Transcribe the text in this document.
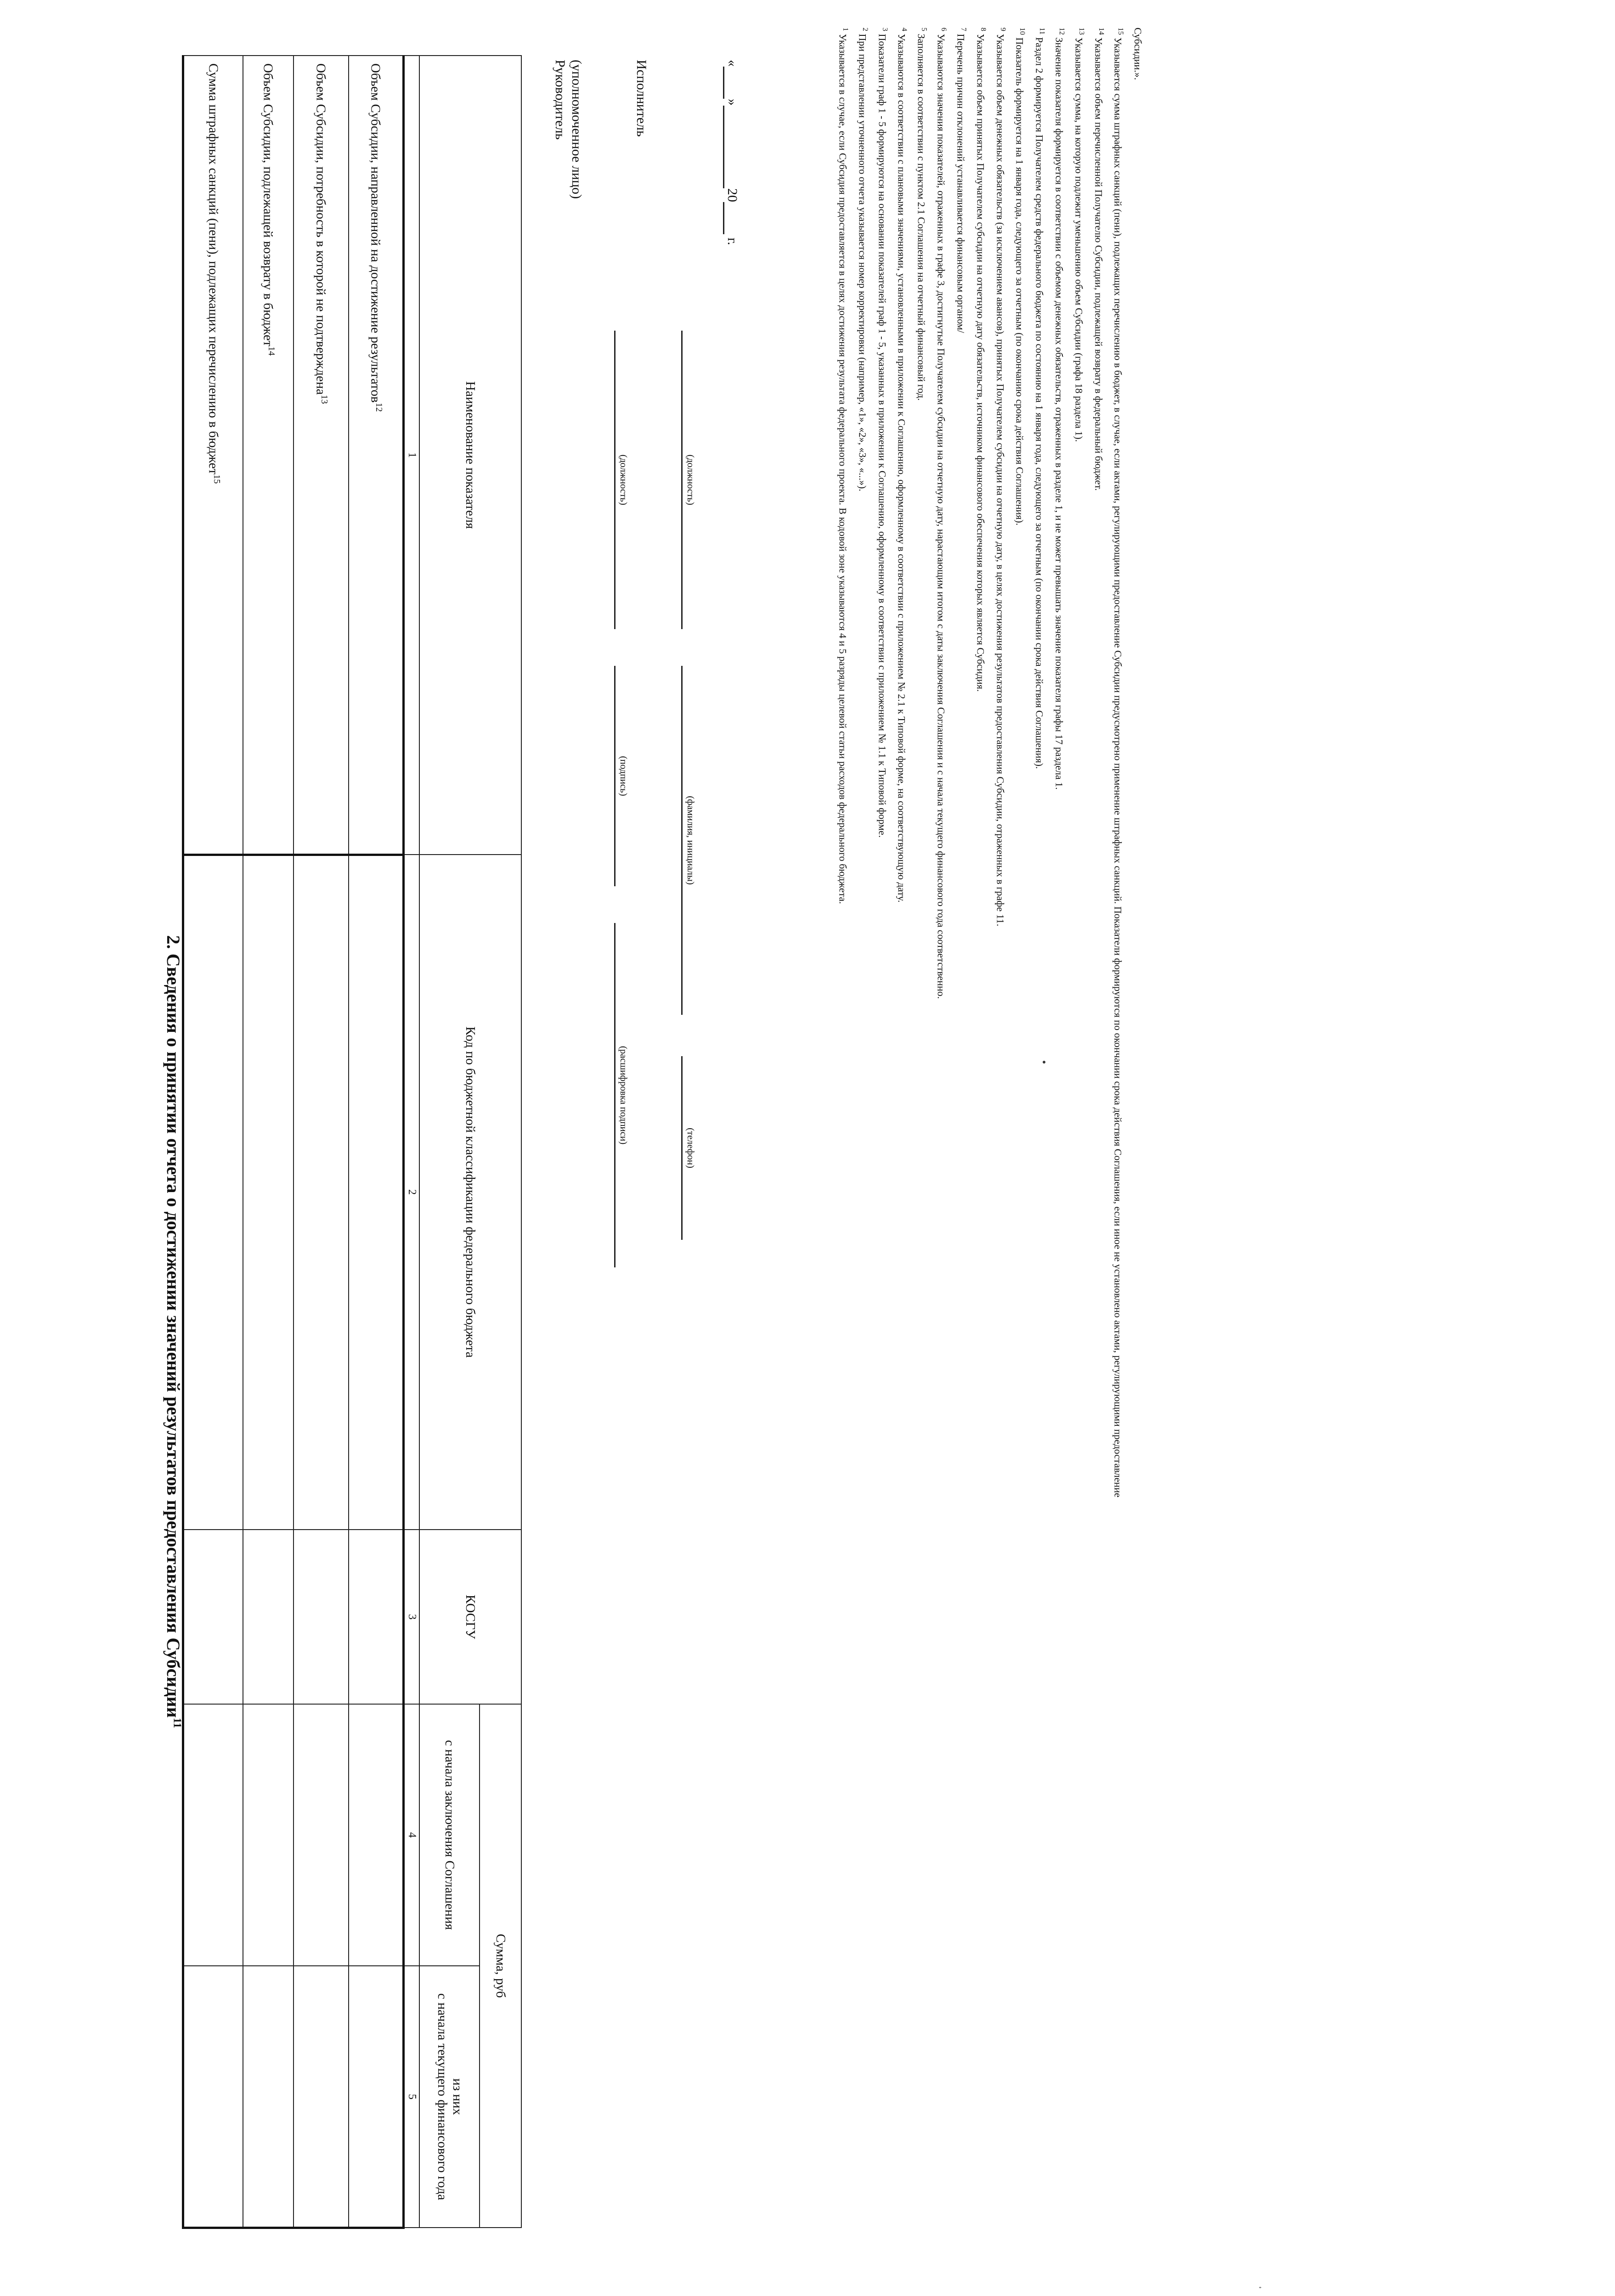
2. Сведения о принятии отчета о достижении значений результатов предоставления Субсидии$^{11}$
Наименование показателя	Код по бюджетной классификации федерального бюджета	КОСГУ	Сумма, руб	
			с начала заключения Соглашения	из них
с начала текущего финансового года
1	2	3	4	5
Объем Субсидии, направленной на достижение результатов$^{12}$				
Объем Субсидии, потребность в которой не подтверждена$^{13}$				
Объем Субсидии, подлежащей возврату в бюджет$^{14}$				
Сумма штрафных санкций (пени), подлежащих перечислению в бюджет$^{15}$				
Руководитель (уполномоченное лицо)
(должность)
(подпись)
(расшифровка подписи)
Исполнитель
(должность)
(фамилия, инициалы)
(телефон)
« » 20  г.
Субсидии.».
$^{15}$ Указывается сумма штрафных санкций (пени), подлежащих перечислению в бюджет, в случае, если актами, регулирующими предоставление Субсидии предусмотрено применение штрафных санкций. Показатели формируются по окончании срока действия Соглашения, если иное не установлено актами, регулирующими предоставление
$^{14}$ Указывается объем перечисленной Получателю Субсидии, подлежащей возврату в федеральный бюджет.
$^{13}$ Указывается сумма, на которую подлежит уменьшению объем Субсидии (графа 18 раздела 1).
$^{12}$ Значение показателя формируется в соответствии с объемом денежных обязательств, отраженных в разделе 1, и не может превышать значение показателя графы 17 раздела 1.
$^{11}$ Раздел 2 формируется Получателем средств федерального бюджета по состоянию на 1 января года, следующего за отчетным (по окончании срока действия Соглашения).
$^{10}$ Показатель формируется на 1 января года, следующего за отчетным (по окончанию срока действия Соглашения).
$^9$ Указывается объем денежных обязательств (за исключением авансов), принятых Получателем субсидии на отчетную дату, в целях достижения результатов предоставления Субсидии, отраженных в графе 11.
$^8$ Указывается объем принятых Получателем субсидии на отчетную дату обязательств, источником финансового обеспечения которых является Субсидия.
$^7$ Перечень причин отклонений устанавливается финансовым органом/
$^6$ Указываются значения показателей, отраженных в графе 3, достигнутые Получателем субсидии на отчетную дату, нарастающим итогом с даты заключения Соглашения и с начала текущего финансового года соответственно.
$^5$ Заполняется в соответствии с пунктом 2.1 Соглашения на отчетный финансовый год.
$^4$ Указываются в соответствии с плановыми значениями, установленными в приложении к Соглашению, оформленному в соответствии с приложением № 2.1 к Типовой форме, на соответствующую дату.
$^3$ Показатели граф 1 - 5 формируются на основании показателей граф 1 - 5, указанных в приложении к Соглашению, оформленному в соответствии с приложением № 1.1 к Типовой форме.
$^2$ При представлении уточненного отчета указывается номер корректировки (например, «1», «2», «3», «...»).
$^1$ Указывается в случае, если Субсидия предоставляется в целях достижения результата федерального проекта. В кодовой зоне указываются 4 и 5 разряды целевой статьи расходов федерального бюджета.
